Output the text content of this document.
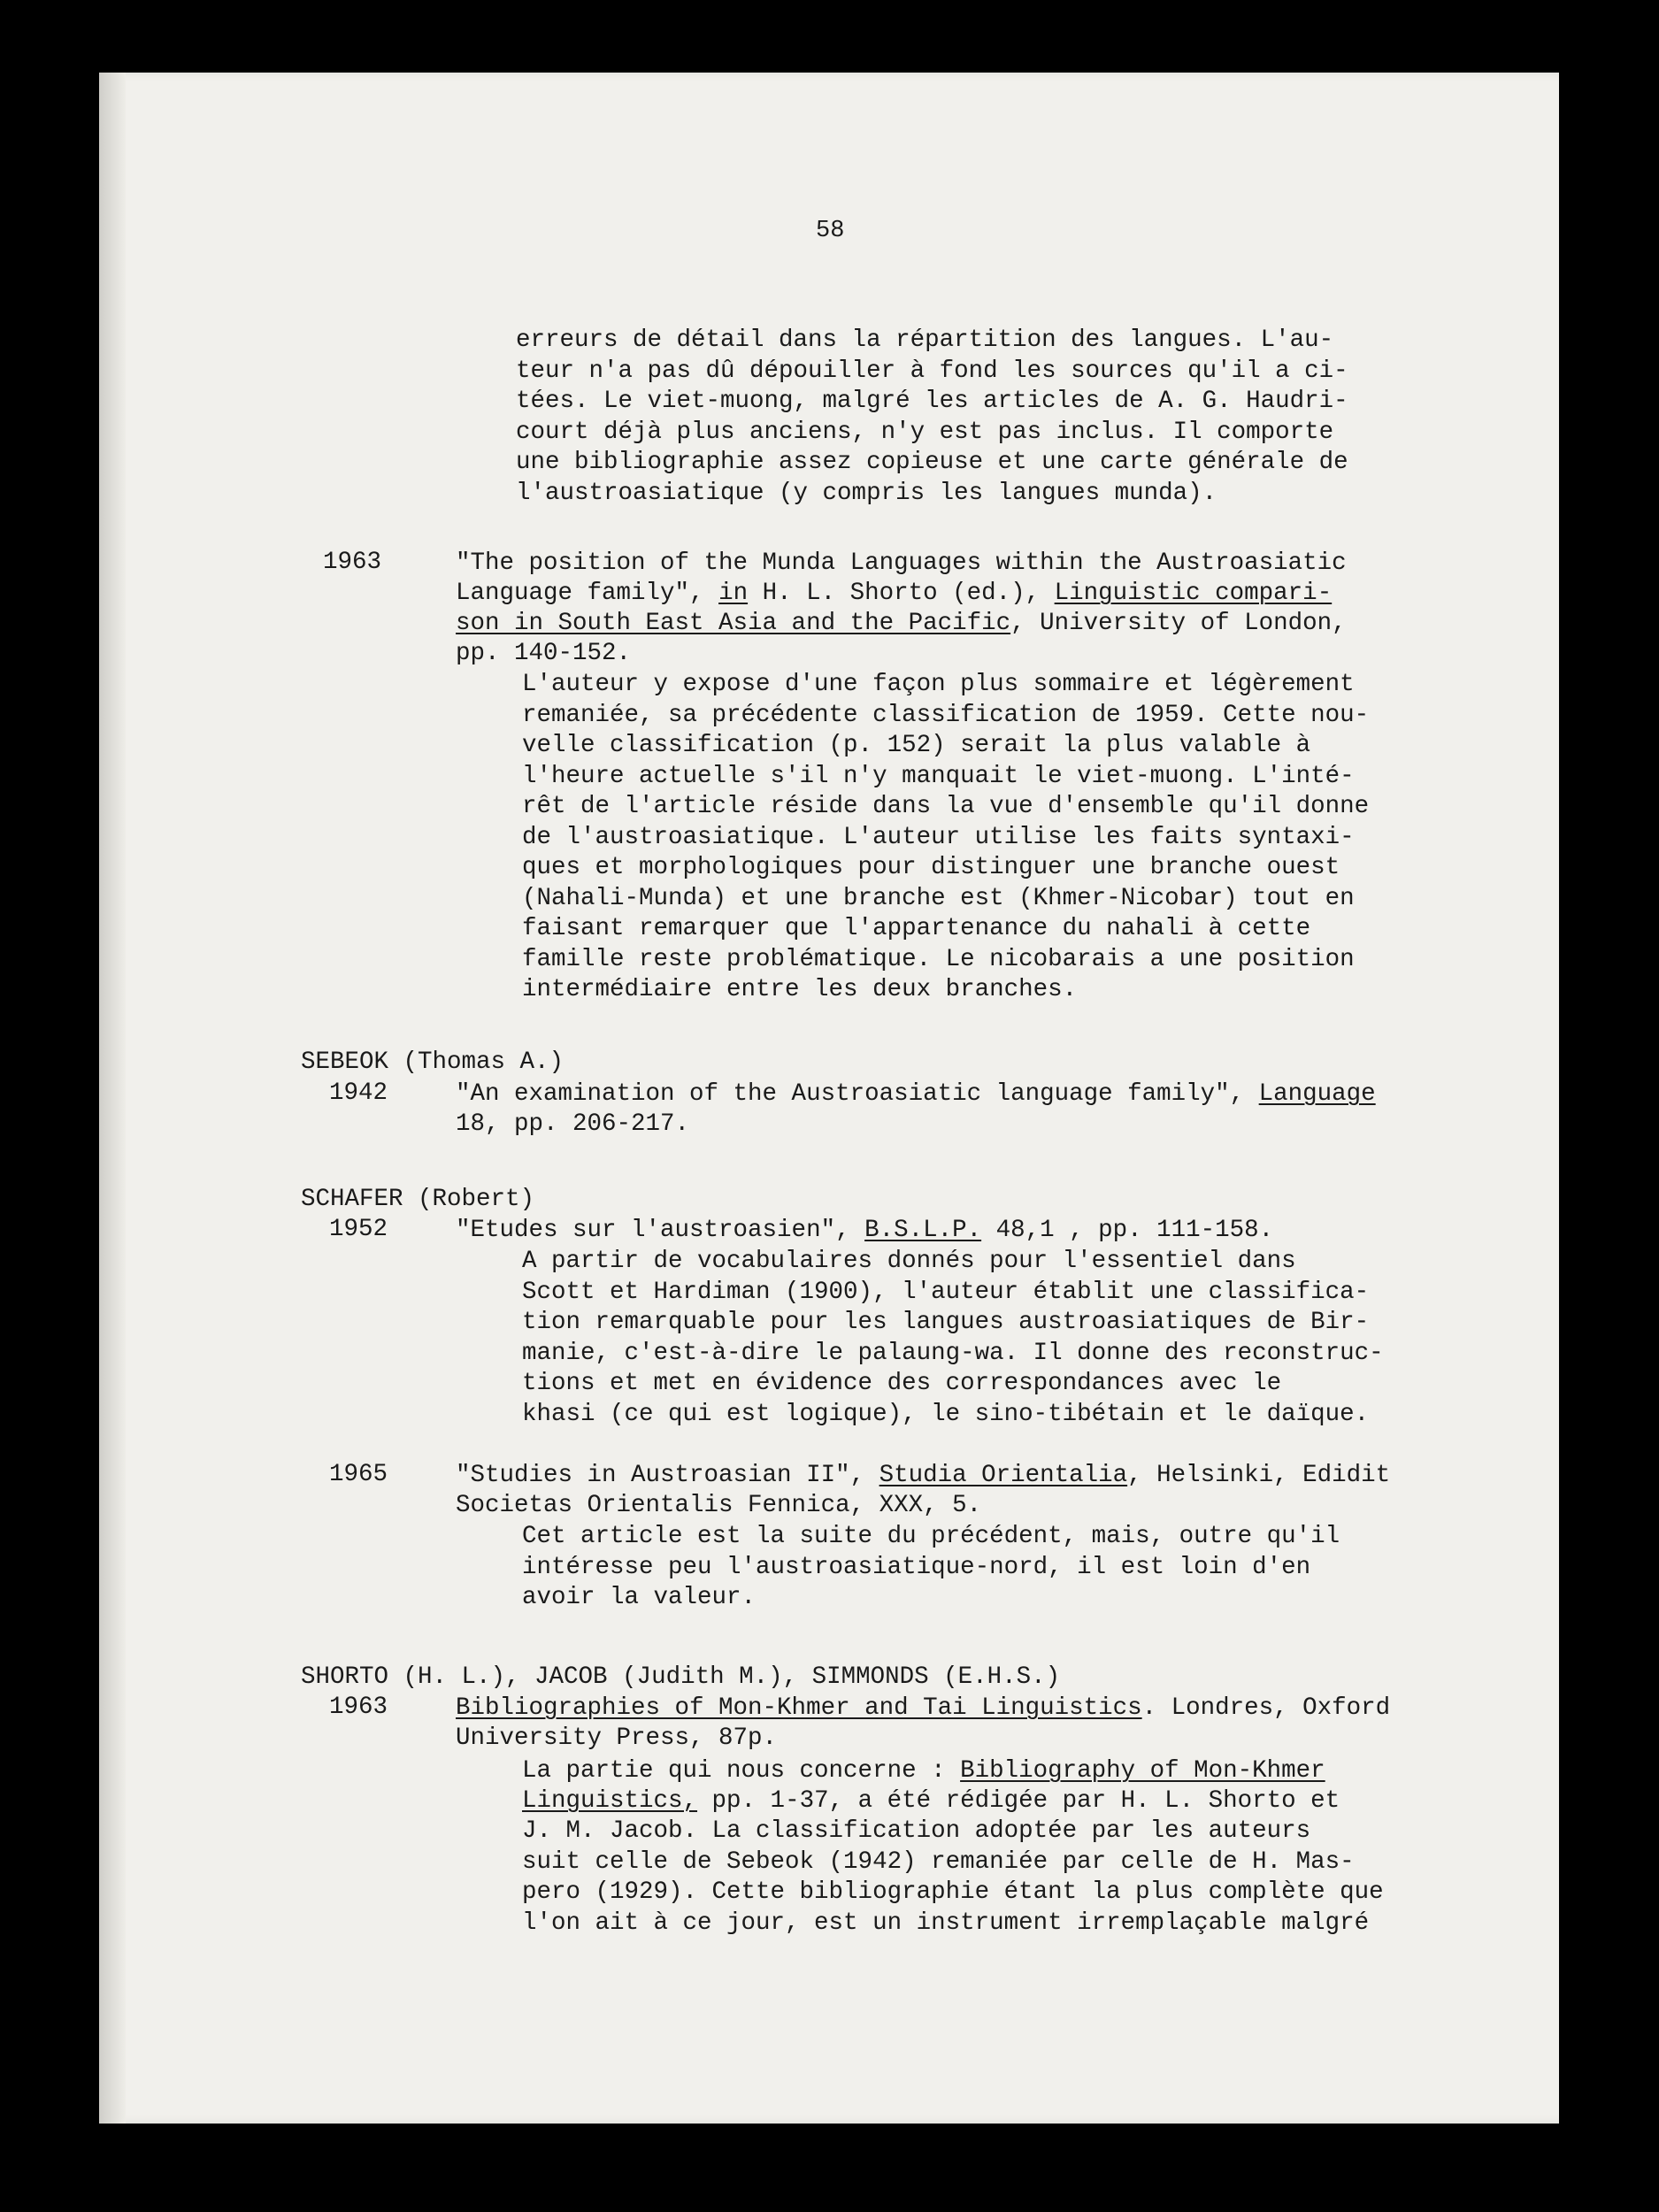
58
erreurs de détail dans la répartition des langues. L'au-
teur n'a pas dû dépouiller à fond les sources qu'il a ci-
tées. Le viet-muong, malgré les articles de A. G. Haudri-
court déjà plus anciens, n'y est pas inclus. Il comporte
une bibliographie assez copieuse et une carte générale de
l'austroasiatique (y compris les langues munda).
1963	"The position of the Munda Languages within the Austroasiatic
Language family", in H. L. Shorto (ed.), Linguistic compari-
son in South East Asia and the Pacific, University of London,
pp. 140-152.
L'auteur y expose d'une façon plus sommaire et légèrement
remaniée, sa précédente classification de 1959. Cette nou-
velle classification (p. 152) serait la plus valable à
l'heure actuelle s'il n'y manquait le viet-muong. L'inté-
rêt de l'article réside dans la vue d'ensemble qu'il donne
de l'austroasiatique. L'auteur utilise les faits syntaxi-
ques et morphologiques pour distinguer une branche ouest
(Nahali-Munda) et une branche est (Khmer-Nicobar) tout en
faisant remarquer que l'appartenance du nahali à cette
famille reste problématique. Le nicobarais a une position
intermédiaire entre les deux branches.
SEBEOK (Thomas A.)
1942	"An examination of the Austroasiatic language family", Language
18, pp. 206-217.
SCHAFER (Robert)
1952	"Etudes sur l'austroasien", B.S.L.P. 48,1 , pp. 111-158.
A partir de vocabulaires donnés pour l'essentiel dans
Scott et Hardiman (1900), l'auteur établit une classifica-
tion remarquable pour les langues austroasiatiques de Bir-
manie, c'est-à-dire le palaung-wa. Il donne des reconstruc-
tions et met en évidence des correspondances avec le
khasi (ce qui est logique), le sino-tibétain et le daïque.
1965	"Studies in Austroasian II", Studia Orientalia, Helsinki, Edidit
Societas Orientalis Fennica, XXX, 5.
Cet article est la suite du précédent, mais, outre qu'il
intéresse peu l'austroasiatique-nord, il est loin d'en
avoir la valeur.
SHORTO (H. L.), JACOB (Judith M.), SIMMONDS (E.H.S.)
1963	Bibliographies of Mon-Khmer and Tai Linguistics. Londres, Oxford
University Press, 87p.
La partie qui nous concerne : Bibliography of Mon-Khmer
Linguistics, pp. 1-37, a été rédigée par H. L. Shorto et
J. M. Jacob. La classification adoptée par les auteurs
suit celle de Sebeok (1942) remaniée par celle de H. Mas-
pero (1929). Cette bibliographie étant la plus complète que
l'on ait à ce jour, est un instrument irremplaçable malgré
